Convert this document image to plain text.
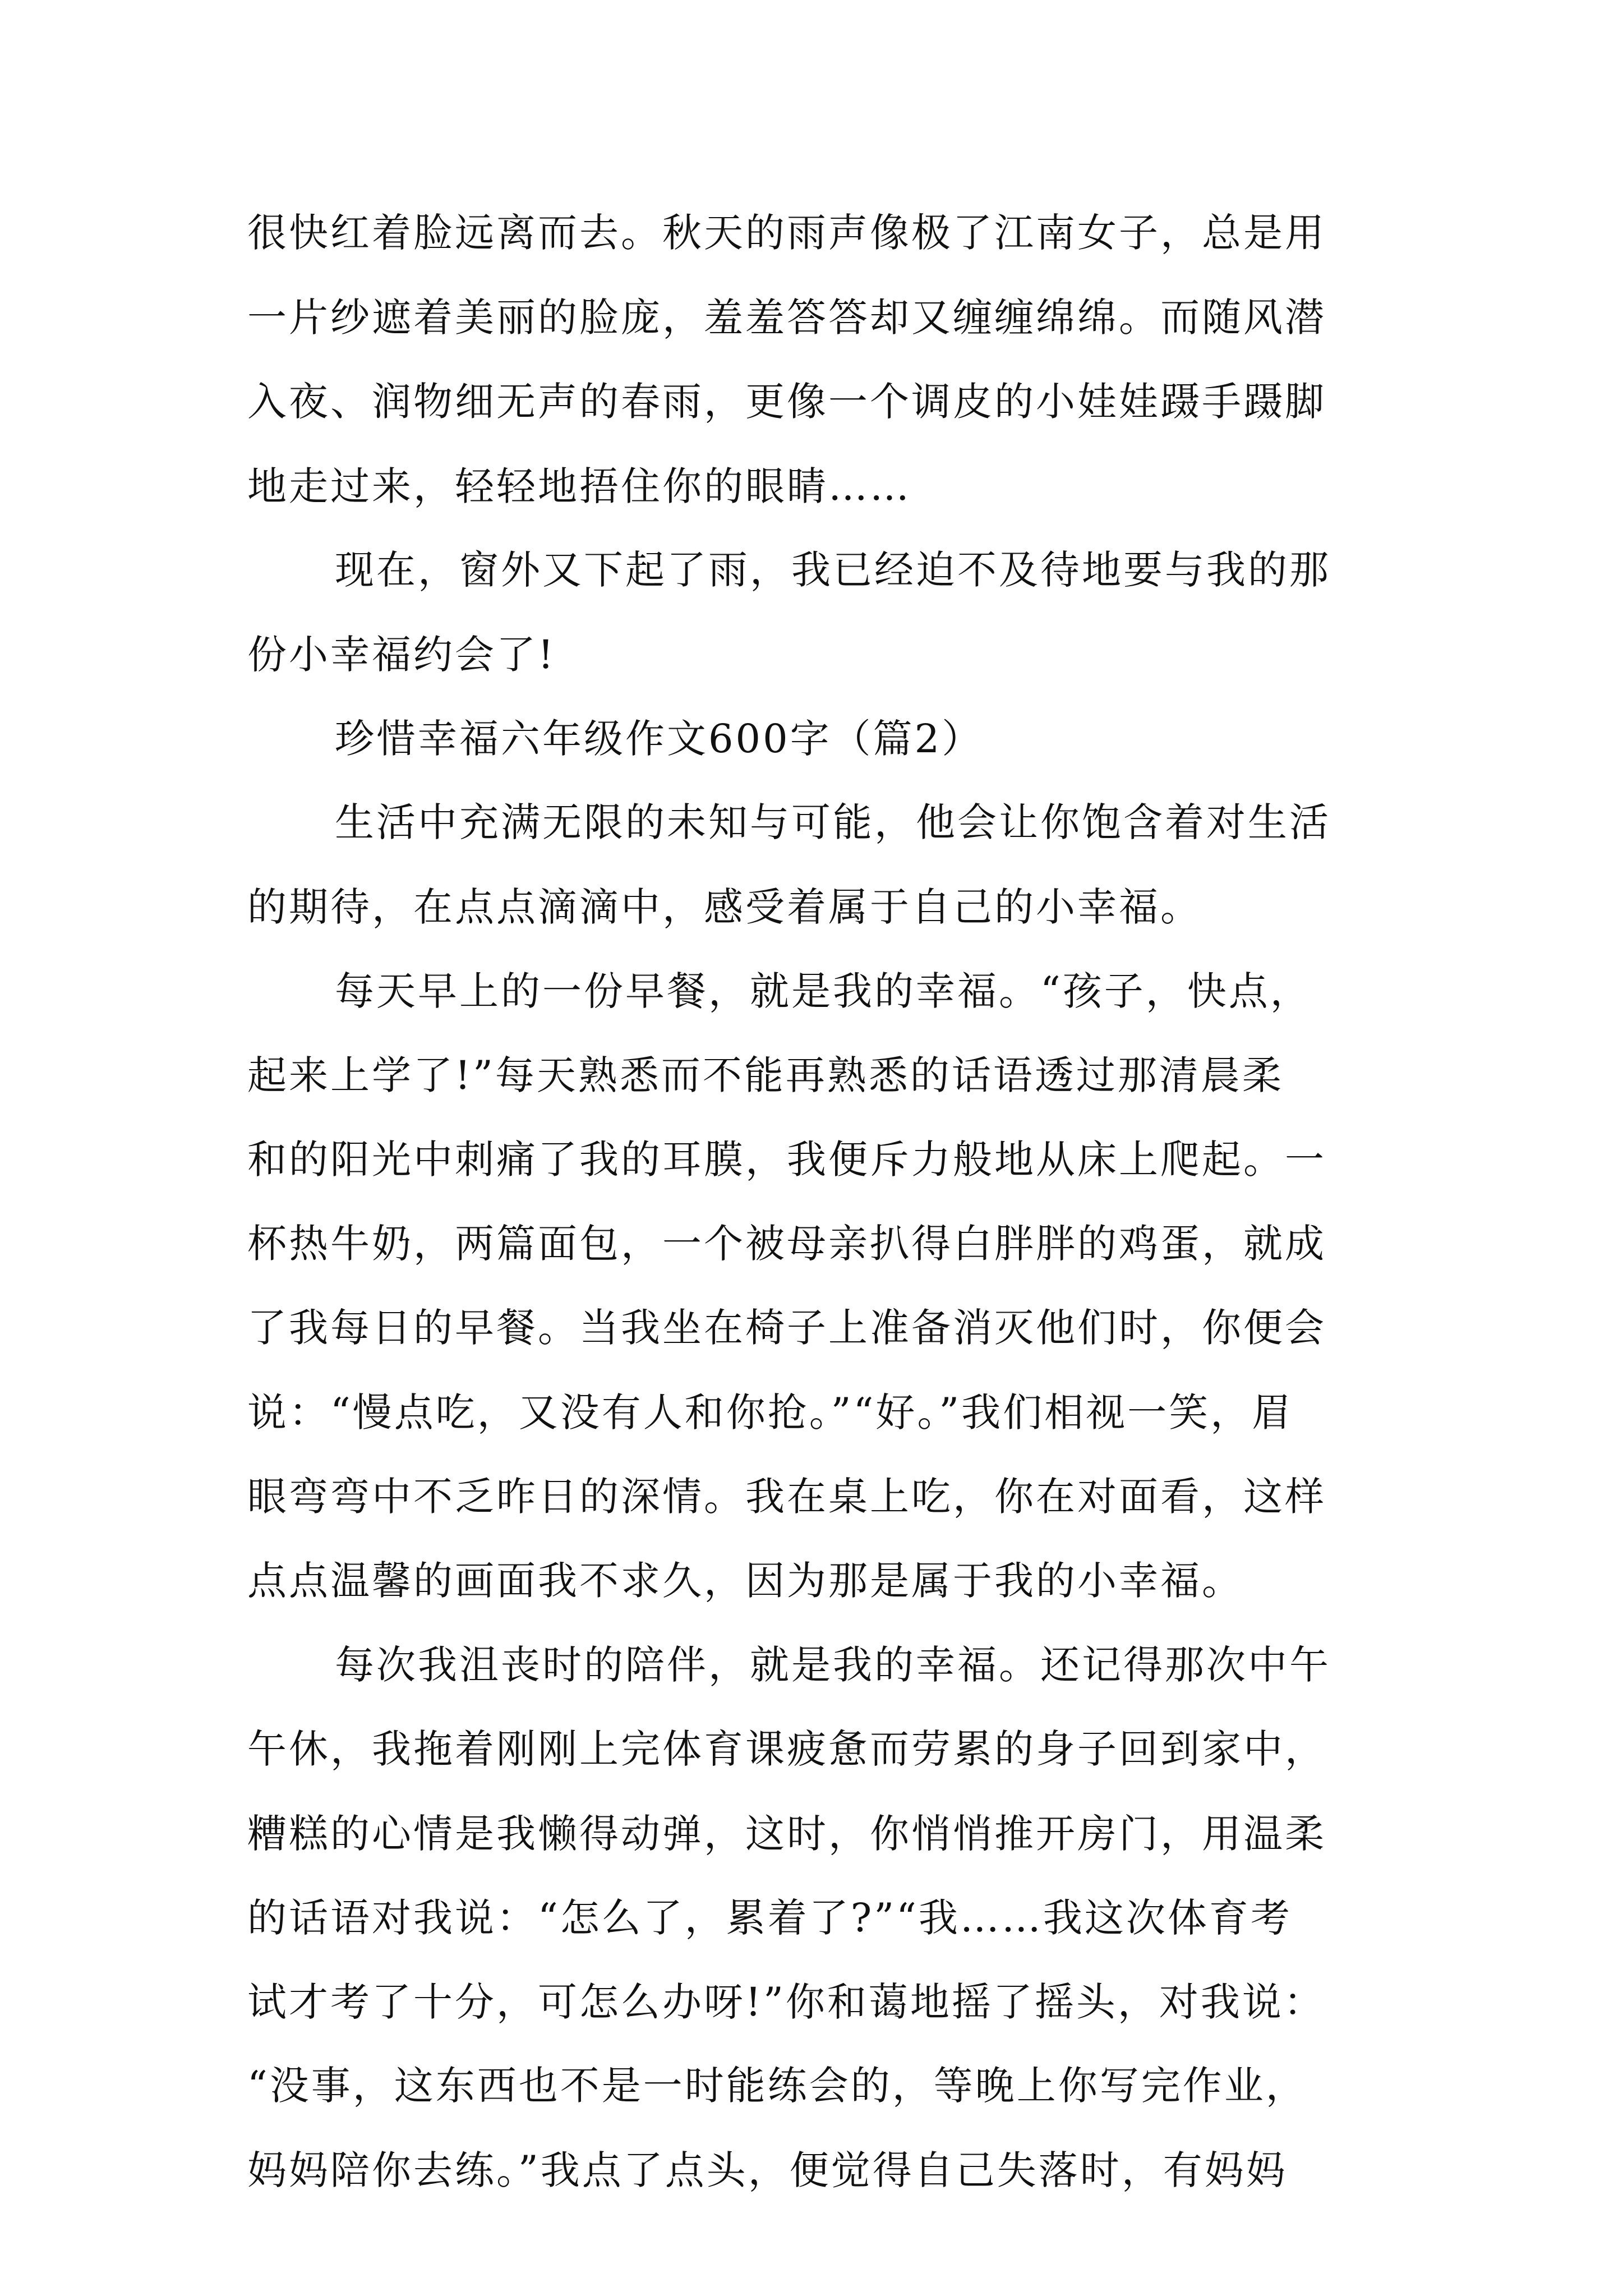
很快红着脸远离而去。秋天的雨声像极了江南女子，总是用
一片纱遮着美丽的脸庞，羞羞答答却又缠缠绵绵。而随风潜
入夜、润物细无声的春雨，更像一个调皮的小娃娃蹑手蹑脚
地走过来，轻轻地捂住你的眼睛……
现在，窗外又下起了雨，我已经迫不及待地要与我的那
份小幸福约会了!
珍惜幸福六年级作文600字（篇2）
生活中充满无限的未知与可能，他会让你饱含着对生活
的期待，在点点滴滴中，感受着属于自己的小幸福。
每天早上的一份早餐，就是我的幸福。“孩子，快点，
起来上学了!”每天熟悉而不能再熟悉的话语透过那清晨柔
和的阳光中刺痛了我的耳膜，我便斥力般地从床上爬起。一
杯热牛奶，两篇面包，一个被母亲扒得白胖胖的鸡蛋，就成
了我每日的早餐。当我坐在椅子上准备消灭他们时，你便会
说：“慢点吃，又没有人和你抢。”“好。”我们相视一笑，眉
眼弯弯中不乏昨日的深情。我在桌上吃，你在对面看，这样
点点温馨的画面我不求久，因为那是属于我的小幸福。
每次我沮丧时的陪伴，就是我的幸福。还记得那次中午
午休，我拖着刚刚上完体育课疲惫而劳累的身子回到家中，
糟糕的心情是我懒得动弹，这时，你悄悄推开房门，用温柔
的话语对我说：“怎么了，累着了?”“我……我这次体育考
试才考了十分，可怎么办呀!”你和蔼地摇了摇头，对我说：
“没事，这东西也不是一时能练会的，等晚上你写完作业，
妈妈陪你去练。”我点了点头，便觉得自己失落时，有妈妈
